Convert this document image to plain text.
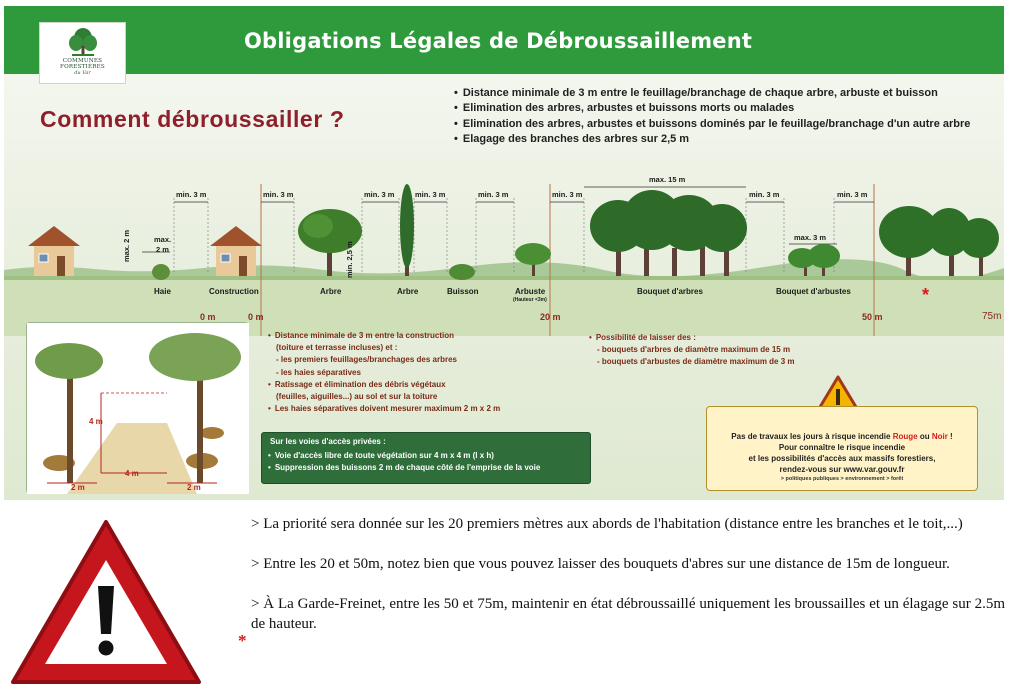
Obligations Légales de Débroussaillement
COMMUNES FORESTIÈRES
du Var
Comment débroussailler ?
• Distance minimale de 3 m entre le feuillage/branchage de chaque arbre, arbuste et buisson
• Elimination des arbres, arbustes et buissons morts ou malades
• Elimination des arbres, arbustes et buissons dominés par le feuillage/branchage d'un autre arbre
• Elagage des branches des arbres sur 2,5 m
min. 3 m	min. 3 m	min. 3 m	min. 3 m	min. 3 m	min. 3 m	min. 3 m	min. 3 m
max. 15 m
max. 3 m
max.
2 m
max. 2 m	min. 2,5 m
Haie	Construction	Arbre	Arbre	Buisson	Arbuste
(Hauteur <3m)
Bouquet d'arbres	Bouquet d'arbustes
0 m	0 m	20 m	50 m	75m
*
• Distance minimale de 3 m entre la construction
(toiture et terrasse incluses) et :
- les premiers feuillages/branchages des arbres
- les haies séparatives
• Ratissage et élimination des débris végétaux
(feuilles, aiguilles...) au sol et sur la toiture
• Les haies séparatives doivent mesurer maximum 2 m x 2 m
• Possibilité de laisser des :
- bouquets d'arbres de diamètre maximum de 15 m
- bouquets d'arbustes de diamètre maximum de 3 m
4 m
4 m
2 m	2 m
Sur les voies d'accès privées :
• Voie d'accès libre de toute végétation sur 4 m x 4 m (l x h)
• Suppression des buissons 2 m de chaque côté de l'emprise de la voie
Pas de travaux les jours à risque incendie Rouge ou Noir !
Pour connaître le risque incendie
et les possibilités d'accès aux massifs forestiers,
rendez-vous sur www.var.gouv.fr
> politiques publiques > environnement > forêt

> La priorité sera donnée sur les 20 premiers mètres aux abords de l'habitation (distance entre les branches et le toit,...)

> Entre les 20 et 50m, notez bien que vous pouvez laisser des bouquets d'abres sur une distance de 15m de longueur.

> À La Garde-Freinet, entre les 50 et 75m, maintenir en état débroussaillé uniquement les broussailles et un élagage sur 2.5m de hauteur.

*
